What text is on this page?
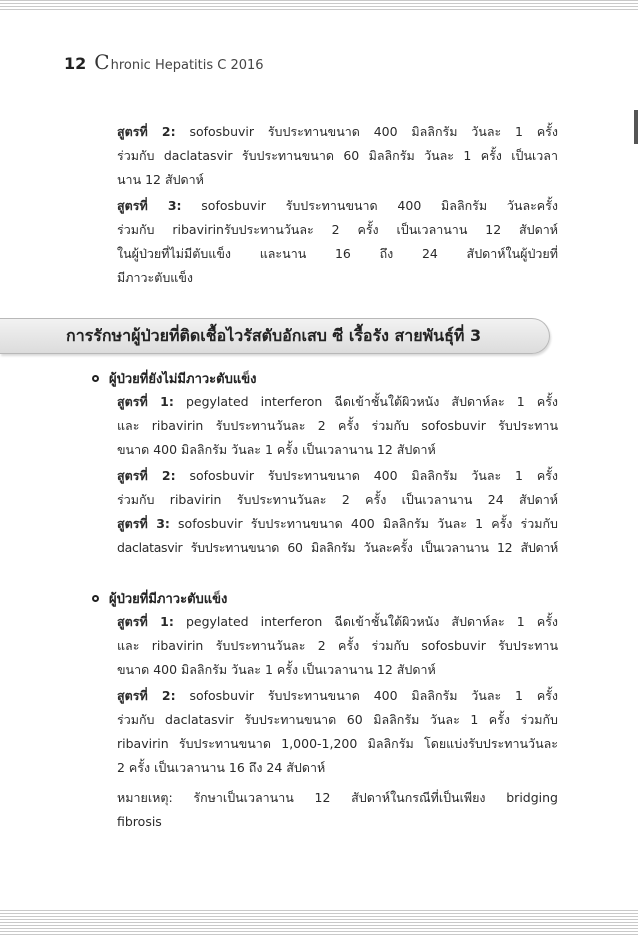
12 Chronic Hepatitis C 2016
สูตรที่ 2: sofosbuvir รับประทานขนาด 400 มิลลิกรัม วันละ 1 ครั้ง
ร่วมกับ daclatasvir รับประทานขนาด 60 มิลลิกรัม วันละ 1 ครั้ง เป็นเวลา
นาน 12 สัปดาห์
สูตรที่ 3: sofosbuvir รับประทานขนาด 400 มิลลิกรัม วันละครั้ง
ร่วมกับ ribavirinรับประทานวันละ 2 ครั้ง เป็นเวลานาน 12 สัปดาห์
ในผู้ป่วยที่ไม่มีตับแข็ง และนาน 16 ถึง 24 สัปดาห์ในผู้ป่วยที่
มีภาวะตับแข็ง
การรักษาผู้ป่วยที่ติดเชื้อไวรัสตับอักเสบ ซี เรื้อรัง สายพันธุ์ที่ 3
ผู้ป่วยที่ยังไม่มีภาวะตับแข็ง
สูตรที่ 1: pegylated interferon ฉีดเข้าชั้นใต้ผิวหนัง สัปดาห์ละ 1 ครั้ง
และ ribavirin รับประทานวันละ 2 ครั้ง ร่วมกับ sofosbuvir รับประทาน
ขนาด 400 มิลลิกรัม วันละ 1 ครั้ง เป็นเวลานาน 12 สัปดาห์
สูตรที่ 2: sofosbuvir รับประทานขนาด 400 มิลลิกรัม วันละ 1 ครั้ง
ร่วมกับ ribavirin รับประทานวันละ 2 ครั้ง เป็นเวลานาน 24 สัปดาห์
สูตรที่ 3: sofosbuvir รับประทานขนาด 400 มิลลิกรัม วันละ 1 ครั้ง ร่วมกับ
daclatasvir รับประทานขนาด 60 มิลลิกรัม วันละครั้ง เป็นเวลานาน 12 สัปดาห์
ผู้ป่วยที่มีภาวะตับแข็ง
สูตรที่ 1: pegylated interferon ฉีดเข้าชั้นใต้ผิวหนัง สัปดาห์ละ 1 ครั้ง
และ ribavirin รับประทานวันละ 2 ครั้ง ร่วมกับ sofosbuvir รับประทาน
ขนาด 400 มิลลิกรัม วันละ 1 ครั้ง เป็นเวลานาน 12 สัปดาห์
สูตรที่ 2: sofosbuvir รับประทานขนาด 400 มิลลิกรัม วันละ 1 ครั้ง
ร่วมกับ daclatasvir รับประทานขนาด 60 มิลลิกรัม วันละ 1 ครั้ง ร่วมกับ
ribavirin รับประทานขนาด 1,000-1,200 มิลลิกรัม โดยแบ่งรับประทานวันละ
2 ครั้ง เป็นเวลานาน 16 ถึง 24 สัปดาห์
หมายเหตุ: รักษาเป็นเวลานาน 12 สัปดาห์ในกรณีที่เป็นเพียง bridging
fibrosis
